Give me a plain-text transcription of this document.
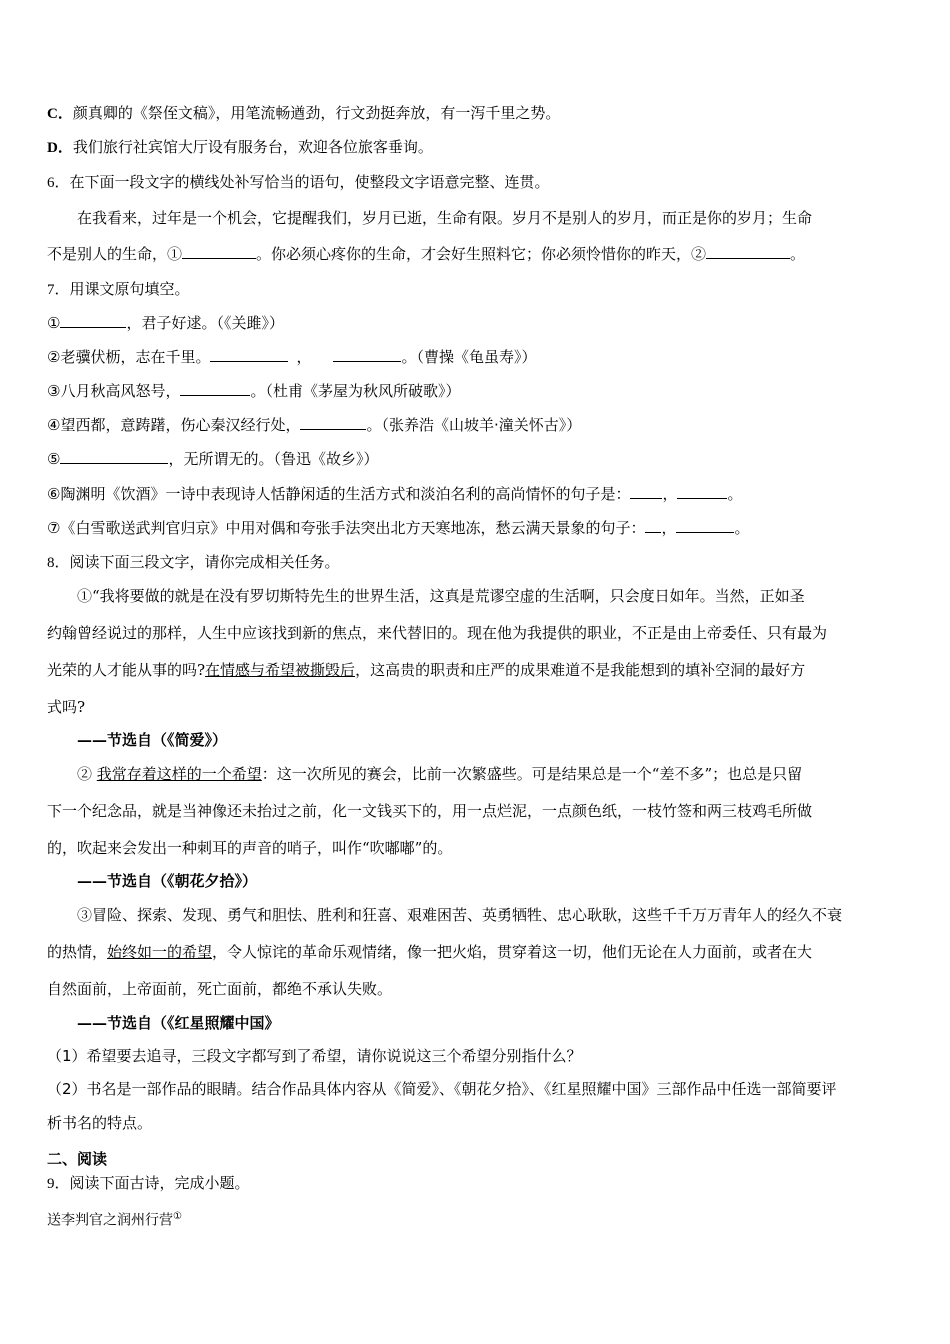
C．颜真卿的《祭侄文稿》，用笔流畅遒劲，行文劲挺奔放，有一泻千里之势。
D．我们旅行社宾馆大厅设有服务台，欢迎各位旅客垂询。
6．在下面一段文字的横线处补写恰当的语句，使整段文字语意完整、连贯。
在我看来，过年是一个机会，它提醒我们，岁月已逝，生命有限。岁月不是别人的岁月，而正是你的岁月；生命
不是别人的生命，①	。你必须心疼你的生命，才会好生照料它；你必须怜惜你的昨天，②	。
7．用课文原句填空。
①	，君子好逑。（《关雎》）
②老骥伏枥，志在千里。	，	。（曹操《龟虽寿》）
③八月秋高风怒号，	。（杜甫《茅屋为秋风所破歌》）
④望西都，意踌躇，伤心秦汉经行处，	。（张养浩《山坡羊·潼关怀古》）
⑤	，无所谓无的。（鲁迅《故乡》）
⑥陶渊明《饮酒》一诗中表现诗人恬静闲适的生活方式和淡泊名利的高尚情怀的句子是： ，	。
⑦《白雪歌送武判官归京》中用对偶和夸张手法突出北方天寒地冻，愁云满天景象的句子： ，	。
8．阅读下面三段文字，请你完成相关任务。
①“我将要做的就是在没有罗切斯特先生的世界生活，这真是荒谬空虚的生活啊，只会度日如年。当然，正如圣
约翰曾经说过的那样，人生中应该找到新的焦点，来代替旧的。现在他为我提供的职业，不正是由上帝委任、只有最为
光荣的人才能从事的吗?在情感与希望被撕毁后，这高贵的职责和庄严的成果难道不是我能想到的填补空洞的最好方
式吗?
——节选自（《简爱》）
② 我常存着这样的一个希望：这一次所见的赛会，比前一次繁盛些。可是结果总是一个“差不多”；也总是只留
下一个纪念品，就是当神像还未抬过之前，化一文钱买下的，用一点烂泥，一点颜色纸，一枝竹签和两三枝鸡毛所做
的，吹起来会发出一种刺耳的声音的哨子，叫作“吹嘟嘟”的。
——节选自（《朝花夕拾》）
③冒险、探索、发现、勇气和胆怯、胜利和狂喜、艰难困苦、英勇牺牲、忠心耿耿，这些千千万万青年人的经久不衰
的热情，始终如一的希望，令人惊诧的革命乐观情绪，像一把火焰，贯穿着这一切，他们无论在人力面前，或者在大
自然面前，上帝面前，死亡面前，都绝不承认失败。
——节选自（《红星照耀中国》
（1）希望要去追寻，三段文字都写到了希望，请你说说这三个希望分别指什么？
（2）书名是一部作品的眼睛。结合作品具体内容从《简爱》、《朝花夕拾》、《红星照耀中国》三部作品中任选一部简要评
析书名的特点。
二、阅读
9．阅读下面古诗，完成小题。
送李判官之润州行营①
